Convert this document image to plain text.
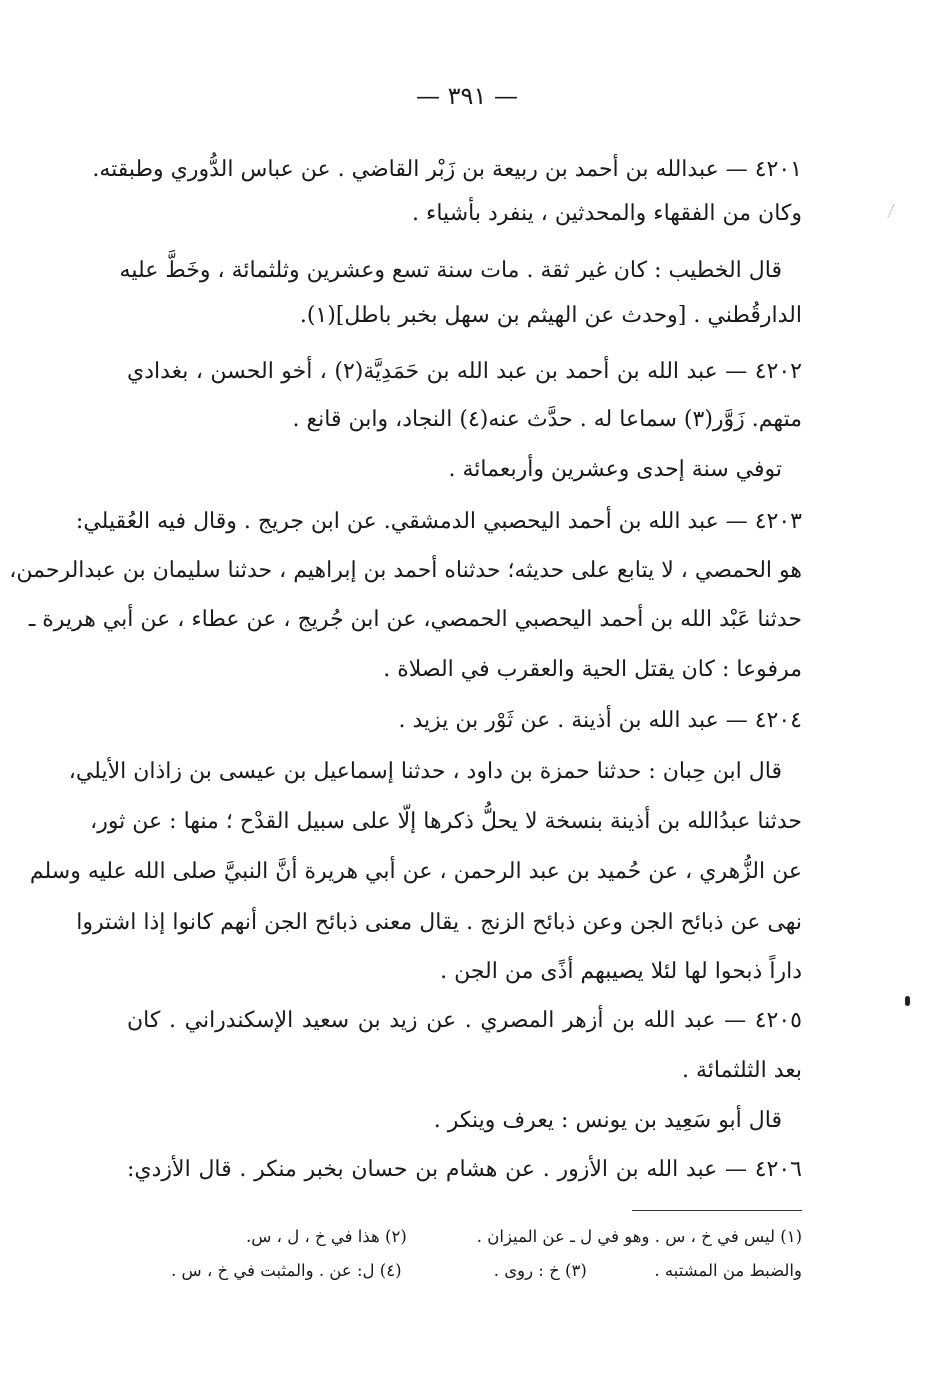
— ٣٩١ —
٤٢٠١ — عبدالله بن أحمد بن ربيعة بن زَبْر القاضي . عن عباس الدُّوري وطبقته.
وكان من الفقهاء والمحدثين ، ينفرد بأشياء .
قال الخطيب : كان غير ثقة . مات سنة تسع وعشرين وثلثمائة ، وخَطَّ عليه
الدارقُطني . [وحدث عن الهيثم بن سهل بخبر باطل](١).
٤٢٠٢ — عبد الله بن أحمد بن عبد الله بن حَمَدِيَّة(٢) ، أخو الحسن ، بغدادي
متهم. زَوَّر(٣) سماعا له . حدَّث عنه(٤) النجاد، وابن قانع .
توفي سنة إحدى وعشرين وأربعمائة .
٤٢٠٣ — عبد الله بن أحمد اليحصبي الدمشقي. عن ابن جريج . وقال فيه العُقيلي:
هو الحمصي ، لا يتابع على حديثه؛ حدثناه أحمد بن إبراهيم ، حدثنا سليمان بن عبدالرحمن،
حدثنا عَبْد الله بن أحمد اليحصبي الحمصي، عن ابن جُريج ، عن عطاء ، عن أبي هريرة ـ
مرفوعا : كان يقتل الحية والعقرب في الصلاة .
٤٢٠٤ — عبد الله بن أذينة . عن ثَوْر بن يزيد .
قال ابن حِبان : حدثنا حمزة بن داود ، حدثنا إسماعيل بن عيسى بن زاذان الأيلي،
حدثنا عبدُالله بن أذينة بنسخة لا يحلُّ ذكرها إلّا على سبيل القدْح ؛ منها : عن ثور،
عن الزُّهري ، عن حُميد بن عبد الرحمن ، عن أبي هريرة أنَّ النبيَّ صلى الله عليه وسلم
نهى عن ذبائح الجن وعن ذبائح الزنج . يقال معنى ذبائح الجن أنهم كانوا إذا اشتروا
داراً ذبحوا لها لئلا يصيبهم أذًى من الجن .
٤٢٠٥ — عبد الله بن أزهر المصري . عن زيد بن سعيد الإسكندراني . كان
بعد الثلثمائة .
قال أبو سَعِيد بن يونس : يعرف وينكر .
٤٢٠٦ — عبد الله بن الأزور . عن هشام بن حسان بخبر منكر . قال الأزدي:
(١) ليس في خ ، س . وهو في ل ـ عن الميزان . (٢) هذا في خ ، ل ، س.
والضبط من المشتبه . (٣) خ : روى . (٤) ل: عن . والمثبت في خ ، س .
